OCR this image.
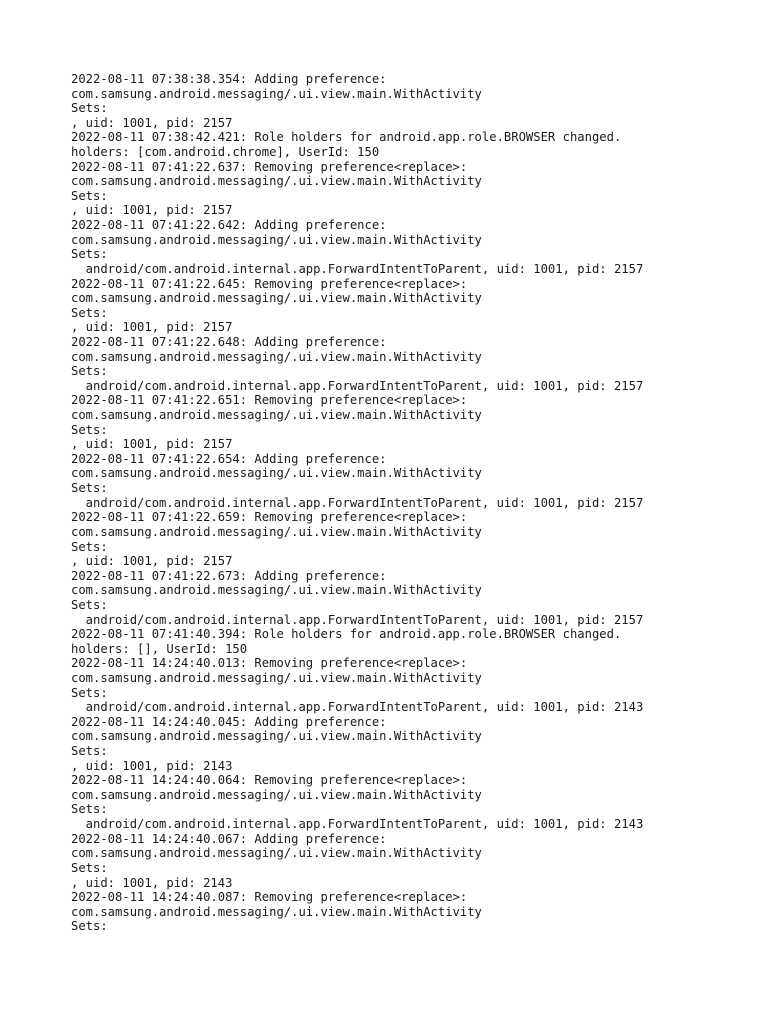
2022-08-11 07:38:38.354: Adding preference:
com.samsung.android.messaging/.ui.view.main.WithActivity
Sets:
, uid: 1001, pid: 2157
2022-08-11 07:38:42.421: Role holders for android.app.role.BROWSER changed.
holders: [com.android.chrome], UserId: 150
2022-08-11 07:41:22.637: Removing preference<replace>:
com.samsung.android.messaging/.ui.view.main.WithActivity
Sets:
, uid: 1001, pid: 2157
2022-08-11 07:41:22.642: Adding preference:
com.samsung.android.messaging/.ui.view.main.WithActivity
Sets:
android/com.android.internal.app.ForwardIntentToParent, uid: 1001, pid: 2157
2022-08-11 07:41:22.645: Removing preference<replace>:
com.samsung.android.messaging/.ui.view.main.WithActivity
Sets:
, uid: 1001, pid: 2157
2022-08-11 07:41:22.648: Adding preference:
com.samsung.android.messaging/.ui.view.main.WithActivity
Sets:
android/com.android.internal.app.ForwardIntentToParent, uid: 1001, pid: 2157
2022-08-11 07:41:22.651: Removing preference<replace>:
com.samsung.android.messaging/.ui.view.main.WithActivity
Sets:
, uid: 1001, pid: 2157
2022-08-11 07:41:22.654: Adding preference:
com.samsung.android.messaging/.ui.view.main.WithActivity
Sets:
android/com.android.internal.app.ForwardIntentToParent, uid: 1001, pid: 2157
2022-08-11 07:41:22.659: Removing preference<replace>:
com.samsung.android.messaging/.ui.view.main.WithActivity
Sets:
, uid: 1001, pid: 2157
2022-08-11 07:41:22.673: Adding preference:
com.samsung.android.messaging/.ui.view.main.WithActivity
Sets:
android/com.android.internal.app.ForwardIntentToParent, uid: 1001, pid: 2157
2022-08-11 07:41:40.394: Role holders for android.app.role.BROWSER changed.
holders: [], UserId: 150
2022-08-11 14:24:40.013: Removing preference<replace>:
com.samsung.android.messaging/.ui.view.main.WithActivity
Sets:
android/com.android.internal.app.ForwardIntentToParent, uid: 1001, pid: 2143
2022-08-11 14:24:40.045: Adding preference:
com.samsung.android.messaging/.ui.view.main.WithActivity
Sets:
, uid: 1001, pid: 2143
2022-08-11 14:24:40.064: Removing preference<replace>:
com.samsung.android.messaging/.ui.view.main.WithActivity
Sets:
android/com.android.internal.app.ForwardIntentToParent, uid: 1001, pid: 2143
2022-08-11 14:24:40.067: Adding preference:
com.samsung.android.messaging/.ui.view.main.WithActivity
Sets:
, uid: 1001, pid: 2143
2022-08-11 14:24:40.087: Removing preference<replace>:
com.samsung.android.messaging/.ui.view.main.WithActivity
Sets:
